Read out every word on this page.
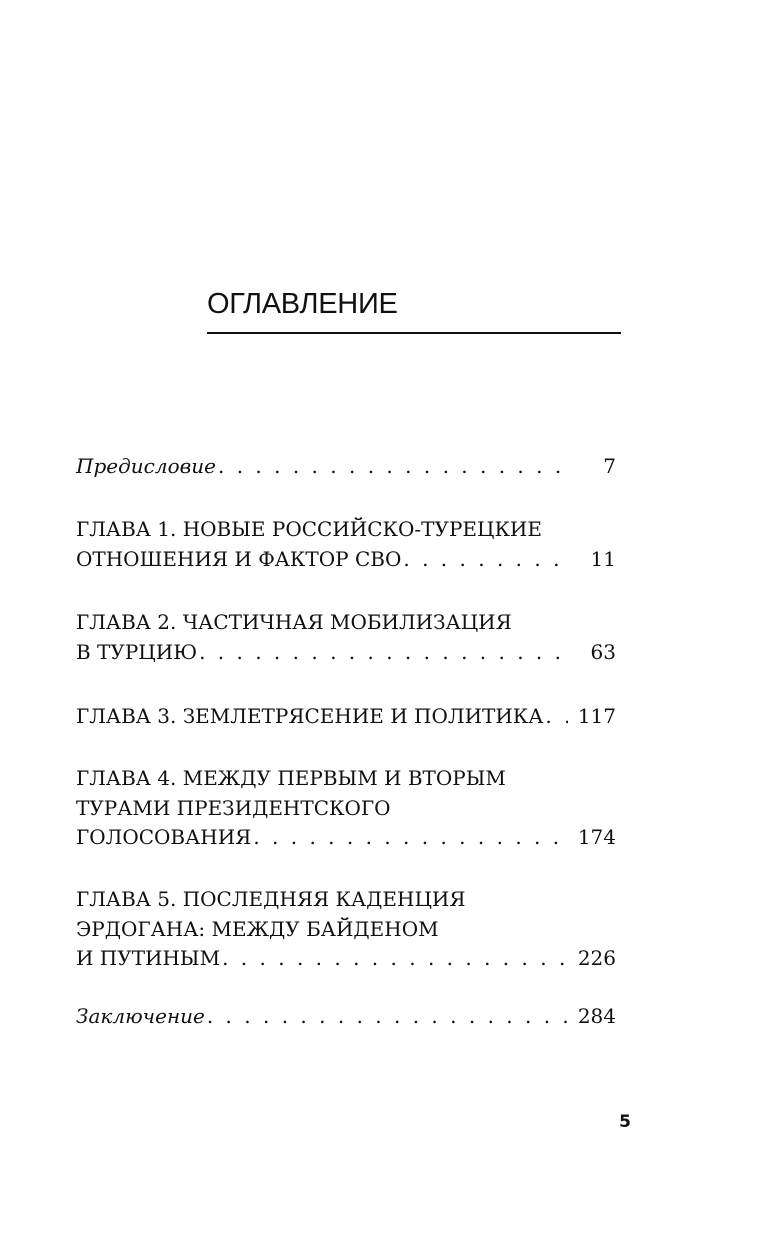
ОГЛАВЛЕНИЕ
Предисловие . . .	7
ГЛАВА 1. НОВЫЕ РОССИЙСКО-ТУРЕЦКИЕ
ОТНОШЕНИЯ И ФАКТОР СВО . . .	11
ГЛАВА 2. ЧАСТИЧНАЯ МОБИЛИЗАЦИЯ
В ТУРЦИЮ . . .	63
ГЛАВА 3. ЗЕМЛЕТРЯСЕНИЕ И ПОЛИТИКА . . . 117
ГЛАВА 4. МЕЖДУ ПЕРВЫМ И ВТОРЫМ
ТУРАМИ ПРЕЗИДЕНТСКОГО
ГОЛОСОВАНИЯ . . .	174
ГЛАВА 5. ПОСЛЕДНЯЯ КАДЕНЦИЯ
ЭРДОГАНА: МЕЖДУ БАЙДЕНОМ
И ПУТИНЫМ . . .	226
Заключение . . .	284
5
